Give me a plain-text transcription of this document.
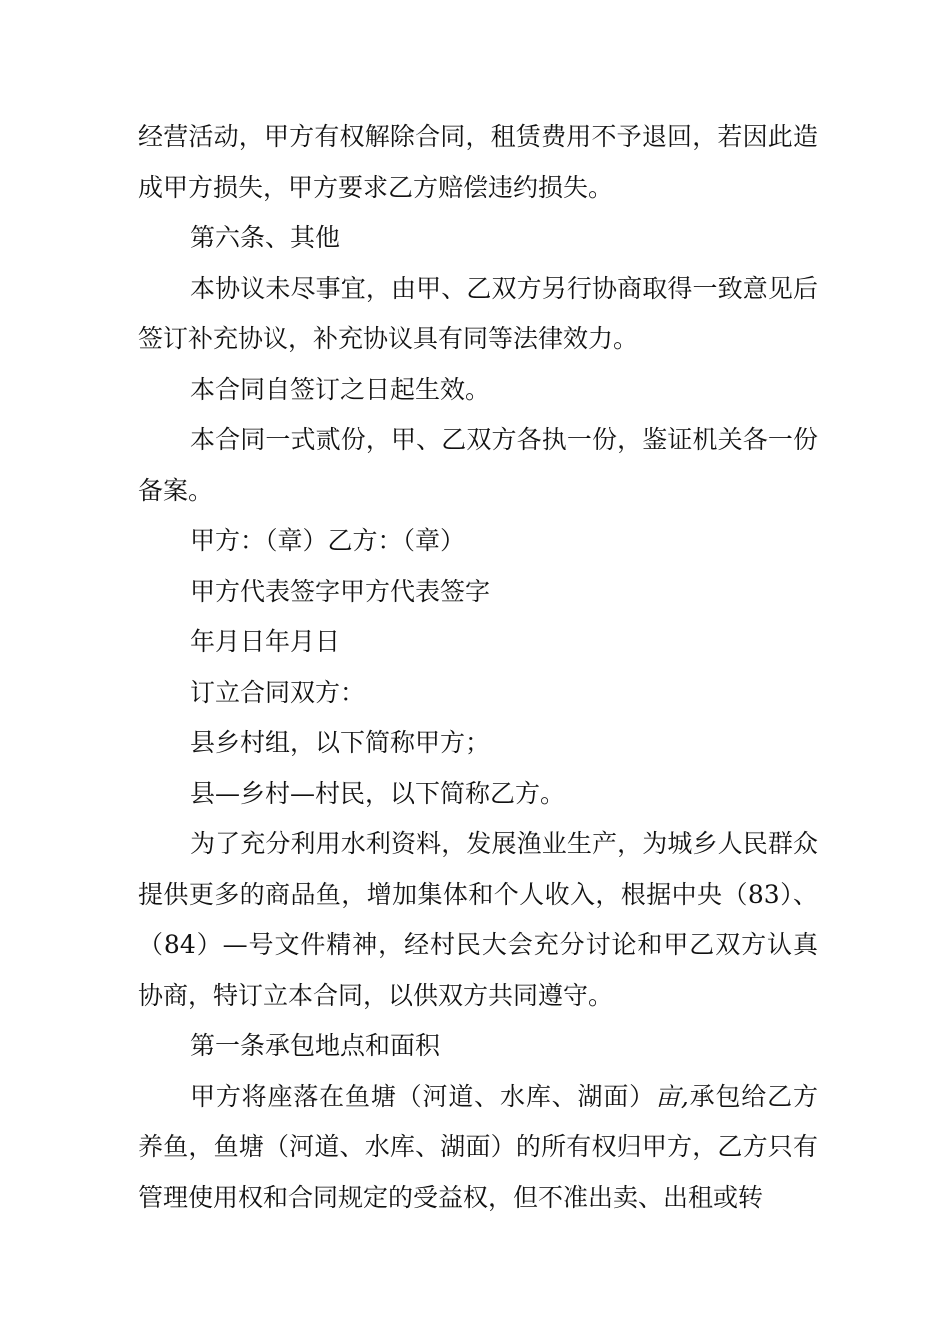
经营活动，甲方有权解除合同，租赁费用不予退回，若因此造成甲方损失，甲方要求乙方赔偿违约损失。

第六条、其他

本协议未尽事宜，由甲、乙双方另行协商取得一致意见后签订补充协议，补充协议具有同等法律效力。

本合同自签订之日起生效。

本合同一式贰份，甲、乙双方各执一份，鉴证机关各一份备案。

甲方：（章）乙方：（章）

甲方代表签字甲方代表签字

年月日年月日

订立合同双方：

县乡村组，以下简称甲方；

县—乡村—村民，以下简称乙方。

为了充分利用水利资料，发展渔业生产，为城乡人民群众提供更多的商品鱼，增加集体和个人收入，根据中央（83）、（84）—号文件精神，经村民大会充分讨论和甲乙双方认真协商，特订立本合同，以供双方共同遵守。

第一条承包地点和面积

甲方将座落在鱼塘（河道、水库、湖面）亩,承包给乙方养鱼，鱼塘（河道、水库、湖面）的所有权归甲方，乙方只有管理使用权和合同规定的受益权，但不准出卖、出租或转
